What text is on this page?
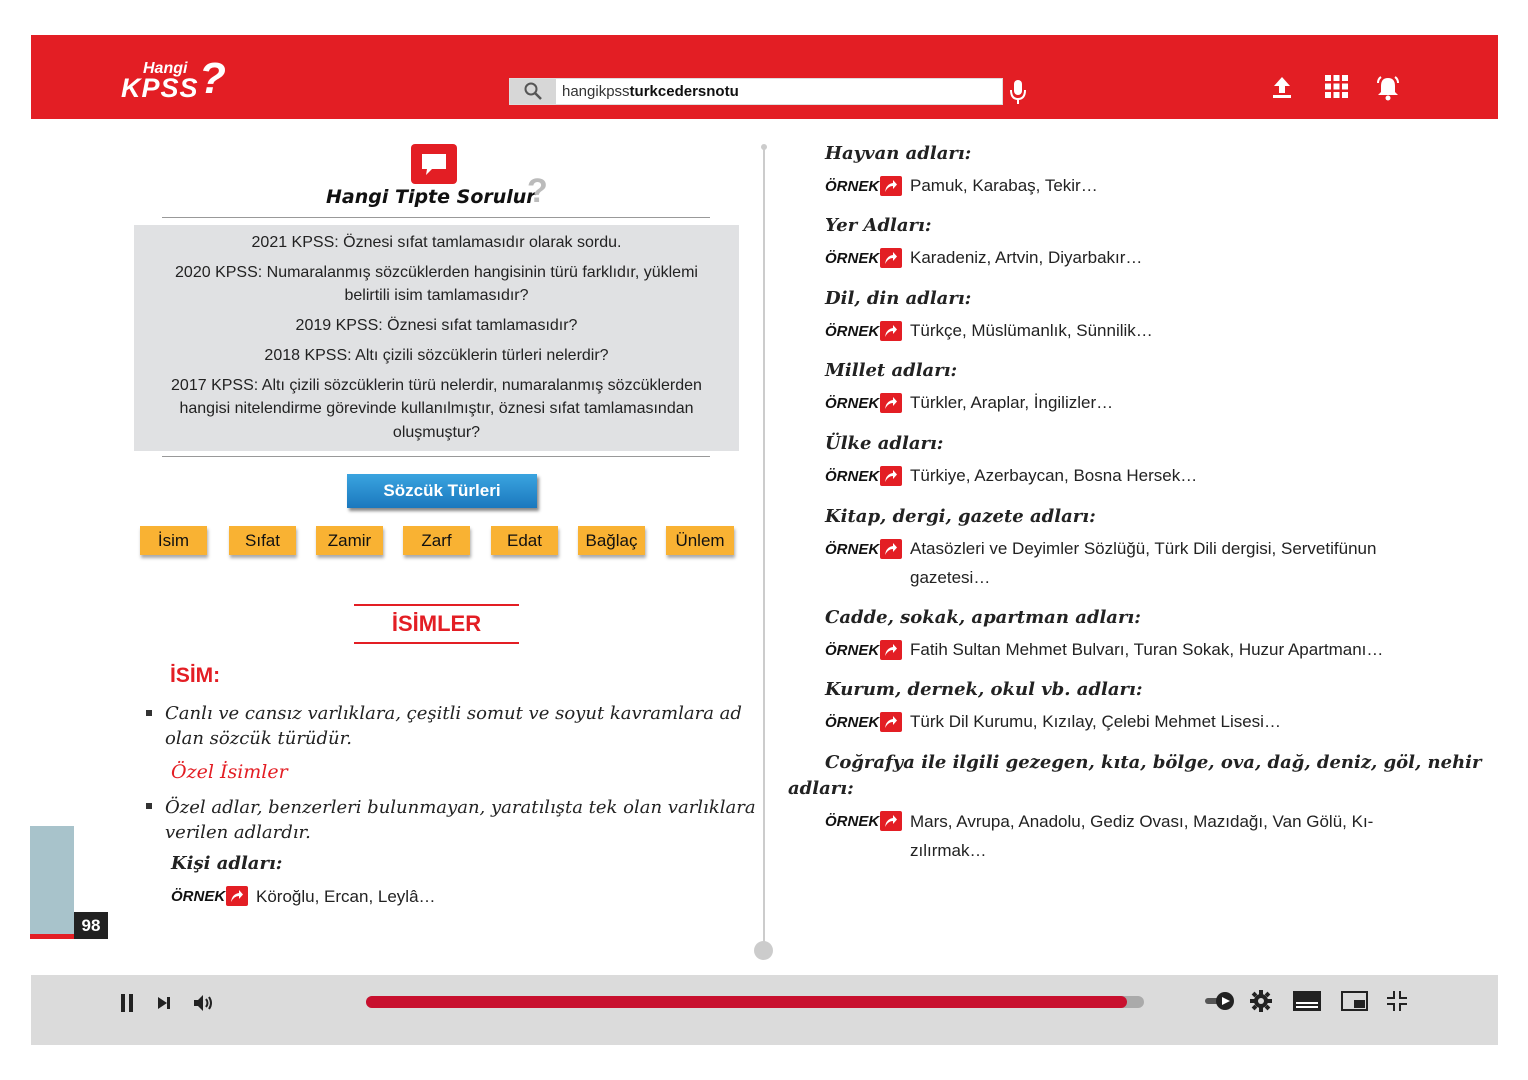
Hangi
KPSS ?	hangikpssturkcedersnotu
Hangi Tipte Sorulur
?
2021 KPSS: Öznesi sıfat tamlamasıdır olarak sordu.
2020 KPSS: Numaralanmış sözcüklerden hangisinin türü farklıdır, yüklemi
belirtili isim tamlamasıdır?
2019 KPSS: Öznesi sıfat tamlamasıdır?
2018 KPSS: Altı çizili sözcüklerin türleri nelerdir?
2017 KPSS: Altı çizili sözcüklerin türü nelerdir, numaralanmış sözcüklerden
hangisi nitelendirme görevinde kullanılmıştır, öznesi sıfat tamlamasından
oluşmuştur?
Sözcük Türleri
İsim	Sıfat	Zamir	Zarf	Edat	Bağlaç	Ünlem
İSİMLER
İSİM:
Canlı ve cansız varlıklara, çeşitli somut ve soyut kavramlara ad
olan sözcük türüdür.
Özel İsimler
Özel adlar, benzerleri bulunmayan, yaratılışta tek olan varlıklara
verilen adlardır.
Kişi adları:
ÖRNEK Köroğlu, Ercan, Leylâ…
98
Hayvan adları:
ÖRNEK Pamuk, Karabaş, Tekir…
Yer Adları:
ÖRNEK Karadeniz, Artvin, Diyarbakır…
Dil, din adları:
ÖRNEK Türkçe, Müslümanlık, Sünnilik…
Millet adları:
ÖRNEK Türkler, Araplar, İngilizler…
Ülke adları:
ÖRNEK Türkiye, Azerbaycan, Bosna Hersek…
Kitap, dergi, gazete adları:
ÖRNEK Atasözleri ve Deyimler Sözlüğü, Türk Dili dergisi, Servetifünun
gazetesi…
Cadde, sokak, apartman adları:
ÖRNEK Fatih Sultan Mehmet Bulvarı, Turan Sokak, Huzur Apartmanı…
Kurum, dernek, okul vb. adları:
ÖRNEK Türk Dil Kurumu, Kızılay, Çelebi Mehmet Lisesi…
Coğrafya ile ilgili gezegen, kıta, bölge, ova, dağ, deniz, göl, nehir
adları:
ÖRNEK Mars, Avrupa, Anadolu, Gediz Ovası, Mazıdağı, Van Gölü, Kı-
zılırmak…
